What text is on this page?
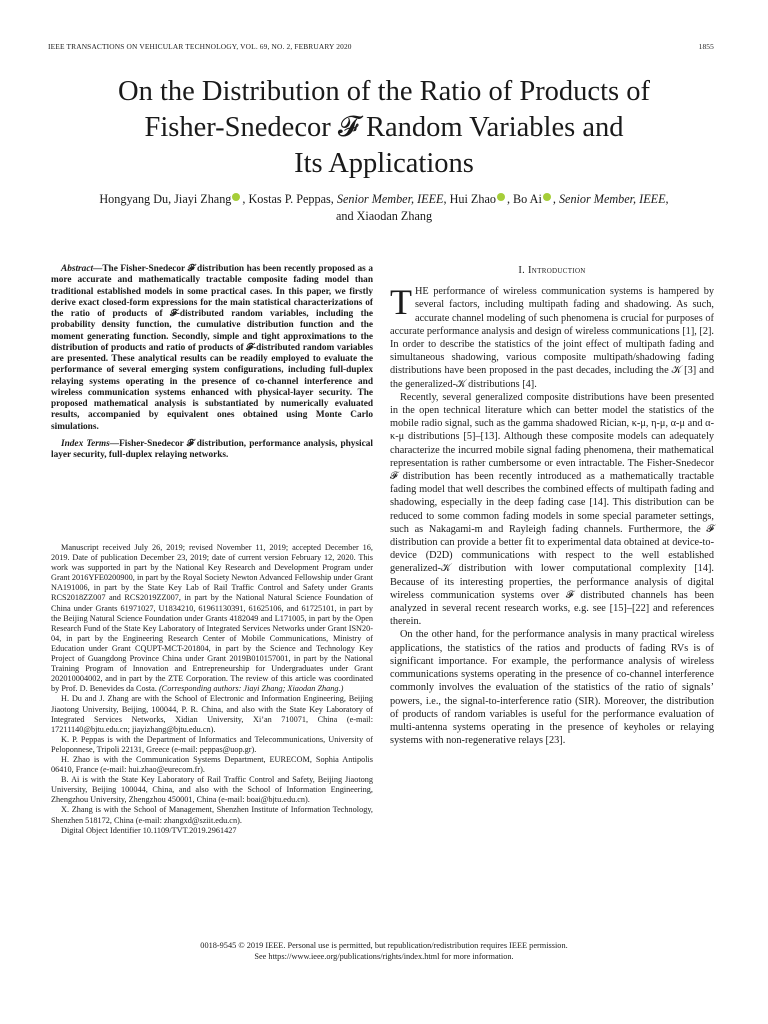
IEEE TRANSACTIONS ON VEHICULAR TECHNOLOGY, VOL. 69, NO. 2, FEBRUARY 2020	1855
On the Distribution of the Ratio of Products of
Fisher-Snedecor 𝓕 Random Variables and
Its Applications
Hongyang Du, Jiayi Zhang , Kostas P. Peppas, Senior Member, IEEE, Hui Zhao , Bo Ai , Senior Member, IEEE,
and Xiaodan Zhang

Abstract—The Fisher-Snedecor 𝓕 distribution has been recently proposed as a more accurate and mathematically tractable composite fading model than traditional established models in some practical cases. In this paper, we firstly derive exact closed-form expressions for the main statistical characterizations of the ratio of products of 𝓕-distributed random variables, including the probability density function, the cumulative distribution function and the moment generating function. Secondly, simple and tight approximations to the distribution of products and ratio of products of 𝓕-distributed random variables are presented. These analytical results can be readily employed to evaluate the performance of several emerging system configurations, including full-duplex relaying systems operating in the presence of co-channel interference and wireless communication systems enhanced with physical-layer security. The proposed mathematical analysis is substantiated by numerically evaluated results, accompanied by equivalent ones obtained using Monte Carlo simulations.

Index Terms—Fisher-Snedecor 𝓕 distribution, performance analysis, physical layer security, full-duplex relaying networks.

Manuscript received July 26, 2019; revised November 11, 2019; accepted December 16, 2019. Date of publication December 23, 2019; date of current version February 12, 2020. This work was supported in part by the National Key Research and Development Program under Grant 2016YFE0200900, in part by the Royal Society Newton Advanced Fellowship under Grant NA191006, in part by the State Key Lab of Rail Traffic Control and Safety under Grants RCS2018ZZ007 and RCS2019ZZ007, in part by the National Natural Science Foundation of China under Grants 61971027, U1834210, 61961130391, 61625106, and 61725101, in part by the Beijing Natural Science Foundation under Grants 4182049 and L171005, in part by the Open Research Fund of the State Key Laboratory of Integrated Services Networks under Grant ISN20-04, in part by the Engineering Research Center of Mobile Communications, Ministry of Education under Grant CQUPT-MCT-201804, in part by the Science and Technology Key Project of Guangdong Province China under Grant 2019B010157001, in part by the National Training Program of Innovation and Entrepreneurship for Undergraduates under Grant 202010004002, and in part by the ZTE Corporation. The review of this article was coordinated by Prof. D. Benevides da Costa. (Corresponding authors: Jiayi Zhang; Xiaodan Zhang.)

H. Du and J. Zhang are with the School of Electronic and Information Engineering, Beijing Jiaotong University, Beijing, 100044, P. R. China, and also with the State Key Laboratory of Integrated Services Networks, Xidian University, Xi’an 710071, China (e-mail: 17211140@bjtu.edu.cn; jiayizhang@bjtu.edu.cn).

K. P. Peppas is with the Department of Informatics and Telecommunications, University of Peloponnese, Tripoli 22131, Greece (e-mail: peppas@uop.gr).

H. Zhao is with the Communication Systems Department, EURECOM, Sophia Antipolis 06410, France (e-mail: hui.zhao@eurecom.fr).

B. Ai is with the State Key Laboratory of Rail Traffic Control and Safety, Beijing Jiaotong University, Beijing 100044, China, and also with the School of Information Engineering, Zhengzhou University, Zhengzhou 450001, China (e-mail: boai@bjtu.edu.cn).

X. Zhang is with the School of Management, Shenzhen Institute of Information Technology, Shenzhen 518172, China (e-mail: zhangxd@sziit.edu.cn).

Digital Object Identifier 10.1109/TVT.2019.2961427

I. Introduction

THE performance of wireless communication systems is hampered by several factors, including multipath fading and shadowing. As such, accurate channel modeling of such phenomena is crucial for purposes of accurate performance analysis and design of wireless communications [1], [2]. In order to describe the statistics of the joint effect of multipath fading and simultaneous shadowing, various composite multipath/shadowing fading distributions have been proposed in the past decades, including the 𝒦 [3] and the generalized-𝒦 distributions [4].

Recently, several generalized composite distributions have been presented in the open technical literature which can better model the statistics of the mobile radio signal, such as the gamma shadowed Rician, κ-μ, η-μ, α-μ and α-κ-μ distributions [5]–[13]. Although these composite models can adequately characterize the incurred mobile signal fading phenomena, their mathematical representation is rather cumbersome or even intractable. The Fisher-Snedecor 𝓕 distribution has been recently introduced as a mathematically tractable fading model that well describes the combined effects of multipath fading and shadowing, especially in the deep fading case [14]. This distribution can be reduced to some common fading models in some special parameter settings, such as Nakagami-m and Rayleigh fading channels. Furthermore, the 𝓕 distribution can provide a better fit to experimental data obtained at device-to-device (D2D) communications with respect to the well established generalized-𝒦 distribution with lower computational complexity [14]. Because of its interesting properties, the performance analysis of digital wireless communication systems over 𝓕 distributed channels has been analyzed in several recent research works, e.g. see [15]–[22] and references therein.

On the other hand, for the performance analysis in many practical wireless applications, the statistics of the ratios and products of fading RVs is of significant importance. For example, the performance analysis of wireless communications systems operating in the presence of co-channel interference commonly involves the evaluation of the statistics of the ratio of signals’ powers, i.e., the signal-to-interference ratio (SIR). Moreover, the distribution of products of random variables is useful for the performance evaluation of multi-antenna systems operating in the presence of keyholes or relaying systems with non-regenerative relays [23].

0018-9545 © 2019 IEEE. Personal use is permitted, but republication/redistribution requires IEEE permission.
See https://www.ieee.org/publications/rights/index.html for more information.
